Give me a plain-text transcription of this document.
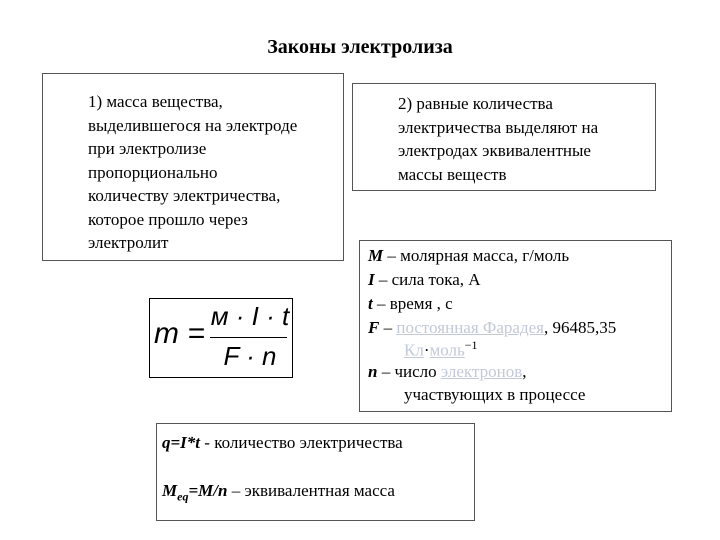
Законы электролиза
1) масса вещества,
выделившегося на электроде
при электролизе
пропорционально
количеству электричества,
которое прошло через
электролит
2) равные количества
электричества выделяют на
электродах эквивалентные
массы веществ
m =
м · I · t
F · n
M – молярная масса, г/моль
I – сила тока, А
t – время , с
F – постоянная Фарадея, 96485,35
Кл·моль$^{-1}$
n – число электронов,
участвующих в процессе
q=I*t - количество электричества
$M_{eq}=M/n$ – эквивалентная масса
